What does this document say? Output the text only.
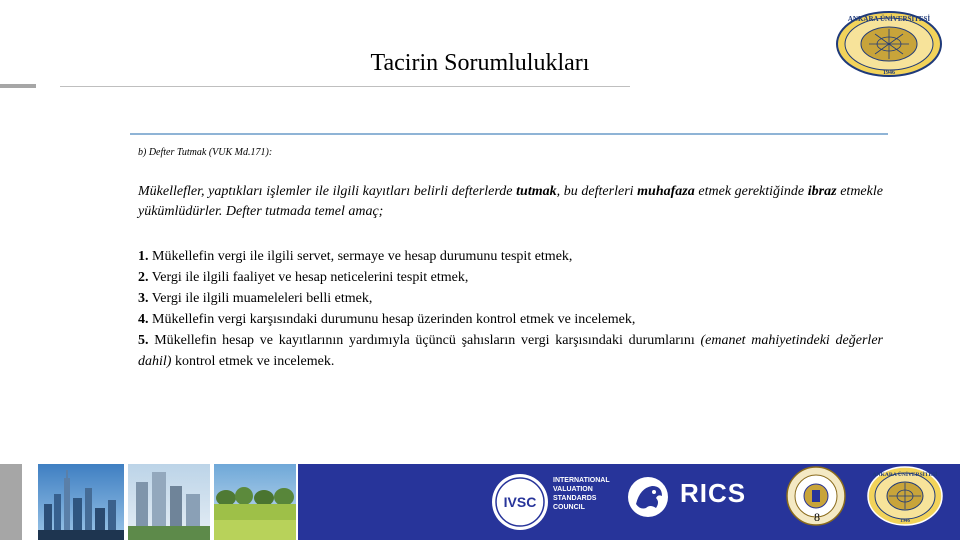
Tacirin Sorumlulukları
ANKARA ÜNİVERSİTESİ
1946
b) Defter Tutmak (VUK Md.171):
Mükellefler, yaptıkları işlemler ile ilgili kayıtları belirli defterlerde tutmak, bu defterleri muhafaza etmek gerektiğinde ibraz etmekle yükümlüdürler. Defter tutmada temel amaç;
1. Mükellefin vergi ile ilgili servet, sermaye ve hesap durumunu tespit etmek,
2. Vergi ile ilgili faaliyet ve hesap neticelerini tespit etmek,
3. Vergi ile ilgili muameleleri belli etmek,
4. Mükellefin vergi karşısındaki durumunu hesap üzerinden kontrol etmek ve incelemek,
5. Mükellefin hesap ve kayıtlarının yardımıyla üçüncü şahısların vergi karşısındaki durumlarını (emanet mahiyetindeki değerler dahil) kontrol etmek ve incelemek.
IVSC
INTERNATIONAL
VALUATION
STANDARDS
COUNCIL	RICS
ANKARA ÜNİVERSİTESİ
1946
8
